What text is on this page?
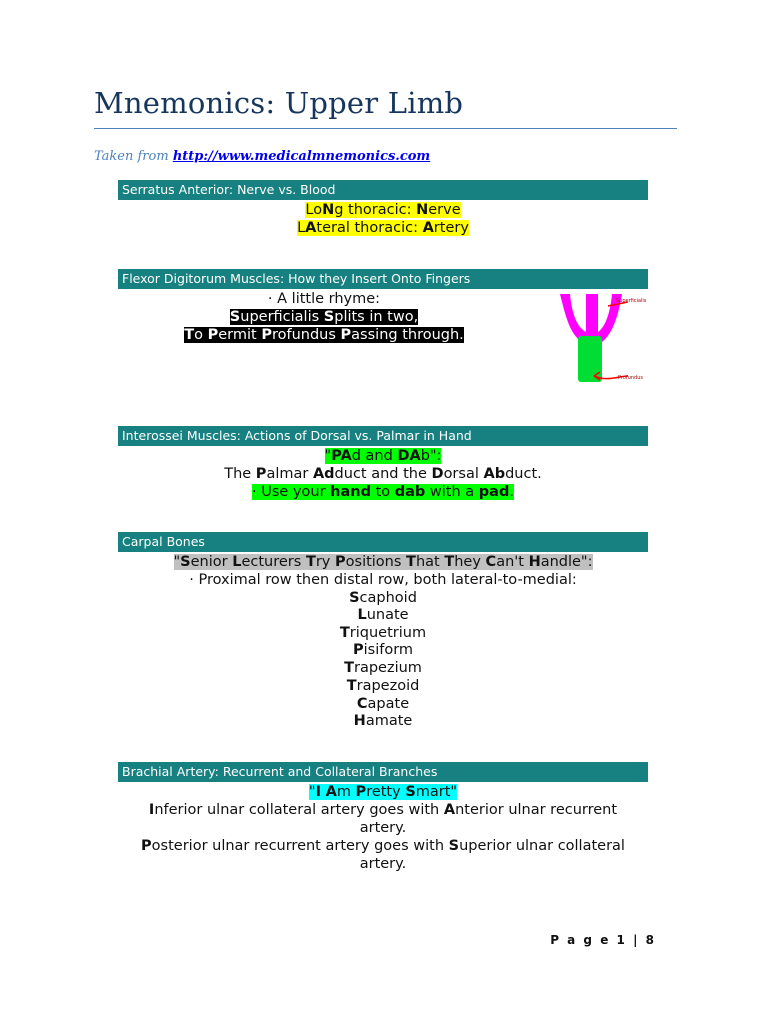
Mnemonics: Upper Limb
Taken from http://www.medicalmnemonics.com
Serratus Anterior: Nerve vs. Blood
LoNg thoracic: Nerve
LAteral thoracic: Artery
Flexor Digitorum Muscles: How they Insert Onto Fingers
· A little rhyme:
Superficialis Splits in two,
To Permit Profundus Passing through.
Superficialis
Profundus
Interossei Muscles: Actions of Dorsal vs. Palmar in Hand
"PAd and DAb":
The Palmar Adduct and the Dorsal Abduct.
· Use your hand to dab with a pad.
Carpal Bones
"Senior Lecturers Try Positions That They Can't Handle":
· Proximal row then distal row, both lateral-to-medial:
Scaphoid
Lunate
Triquetrium
Pisiform
Trapezium
Trapezoid
Capate
Hamate
Brachial Artery: Recurrent and Collateral Branches
"I Am Pretty Smart"
Inferior ulnar collateral artery goes with Anterior ulnar recurrent artery.
Posterior ulnar recurrent artery goes with Superior ulnar collateral artery.
P a g e 1 | 8
